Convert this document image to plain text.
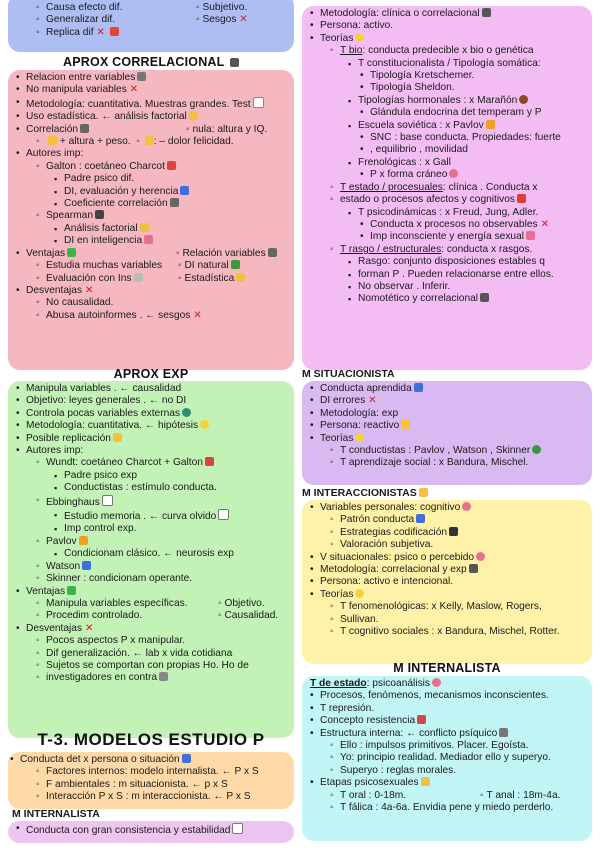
◦ Causa efecto dif.	◦ Subjetivo.
◦ Generalizar dif.	◦ Sesgos ✕
◦ Replica dif ✕
APROX CORRELACIONAL
• Relacion entre variables
• No manipula variables ✕
• Metodología: cuantitativa. Muestras grandes. Test
• Uso estadística. ← análisis factorial
• Correlación	◦ nula: altura y IQ.
◦ + altura + peso.  ◦ : – dolor felicidad.
• Autores imp:
◦ Galton : coetáneo Charcot
▪ Padre psico dif.
▪ DI, evaluación y herencia
▪ Coeficiente correlación
◦ Spearman
▪ Análisis factorial
▪ DI en inteligencia
• Ventajas	◦ Relación variables
◦ Estudia muchas variables	◦ DI natural
◦ Evaluación con Ins	◦ Estadística
• Desventajas ✕
◦ No causalidad.
◦ Abusa autoinformes . ← sesgos ✕
APROX EXP
• Manipula variables . ← causalidad
• Objetivo: leyes generales . ← no DI
• Controla pocas variables externas
• Metodología: cuantitativa. ← hipótesis
• Posible replicación
• Autores imp:
◦ Wundt: coetáneo Charcot + Galton
▪ Padre psico exp
▪ Conductistas : estímulo conducta.
◦ Ebbinghaus
▪ Estudio memoria . ← curva olvido
▪ Imp control exp.
◦ Pavlov
▪ Condicionam clásico. ← neurosis exp
◦ Watson
◦ Skinner : condicionam operante.
• Ventajas
◦ Manipula variables específicas.	◦ Objetivo.
◦ Procedim controlado.	◦ Causalidad.
• Desventajas ✕
◦ Pocos aspectos P x manipular.
◦ Dif generalización. ← lab x vida cotidiana
◦ Sujetos se comportan con propias Ho. Ho de
◦ investigadores en contra
T-3. MODELOS ESTUDIO P
• Conducta det x persona o situación
◦ Factores internos: modelo internalista. ← P x S
◦ F ambientales : m situacionista. ← p x S
◦ Interacción P x S : m interaccionista. ← P x S
M INTERNALISTA
• Conducta con gran consistencia y estabilidad
• Metodología: clínica o correlacional
• Persona: activo.
• Teorías
◦ T bio: conducta predecible x bio o genética
▪ T constitucionalista / Tipología somática:
• Tipología Kretschemer.
• Tipología Sheldon.
▪ Tipologías hormonales : x Marañón
• Glándula endocrina det temperam y P
▪ Escuela soviética : x Pavlov
• SNC : base conducta. Propiedades: fuerte
• , equilibrio , movilidad
▪ Frenológicas : x Gall
• P x forma cráneo
◦ T estado / procesuales: clínica . Conducta x
◦ estado o procesos afectos y cognitivos
▪ T psicodinámicas : x Freud, Jung, Adler.
• Conducta x procesos no observables ✕
• Imp inconsciente y energía sexual
◦ T rasgo / estructurales: conducta x rasgos.
▪ Rasgo: conjunto disposiciones estables q
▪ forman P . Pueden relacionarse entre ellos.
▪ No observar . Inferir.
▪ Nomotético y correlacional
M SITUACIONISTA
• Conducta aprendida
• DI errores ✕
• Metodología: exp
• Persona: reactivo
• Teorías
◦ T conductistas : Pavlov , Watson , Skinner
◦ T aprendizaje social : x Bandura, Mischel.
M INTERACCIONISTAS
• Variables personales: cognitivo
◦ Patrón conducta
◦ Estrategias codificación
◦ Valoración subjetiva.
• V situacionales: psico o percebido
• Metodología: correlacional y exp
• Persona: activo e intencional.
• Teorías
◦ T fenomenológicas: x Kelly, Maslow, Rogers,
◦ Sullivan.
◦ T cognitivo sociales : x Bandura, Mischel, Rotter.
M INTERNALISTA
T de estado: psicoanálisis
• Procesos, fenómenos, mecanismos inconscientes.
• T represión.
• Concepto resistencia
• Estructura interna: ← conflicto psíquico
◦ Ello : impulsos primitivos. Placer. Egoísta.
◦ Yo: principio realidad. Mediador ello y superyo.
◦ Superyo : reglas morales.
• Etapas psicosexuales
◦ T oral : 0-18m.	◦ T anal : 18m-4a.
◦ T fálica : 4a-6a. Envidia pene y miedo perderlo.
